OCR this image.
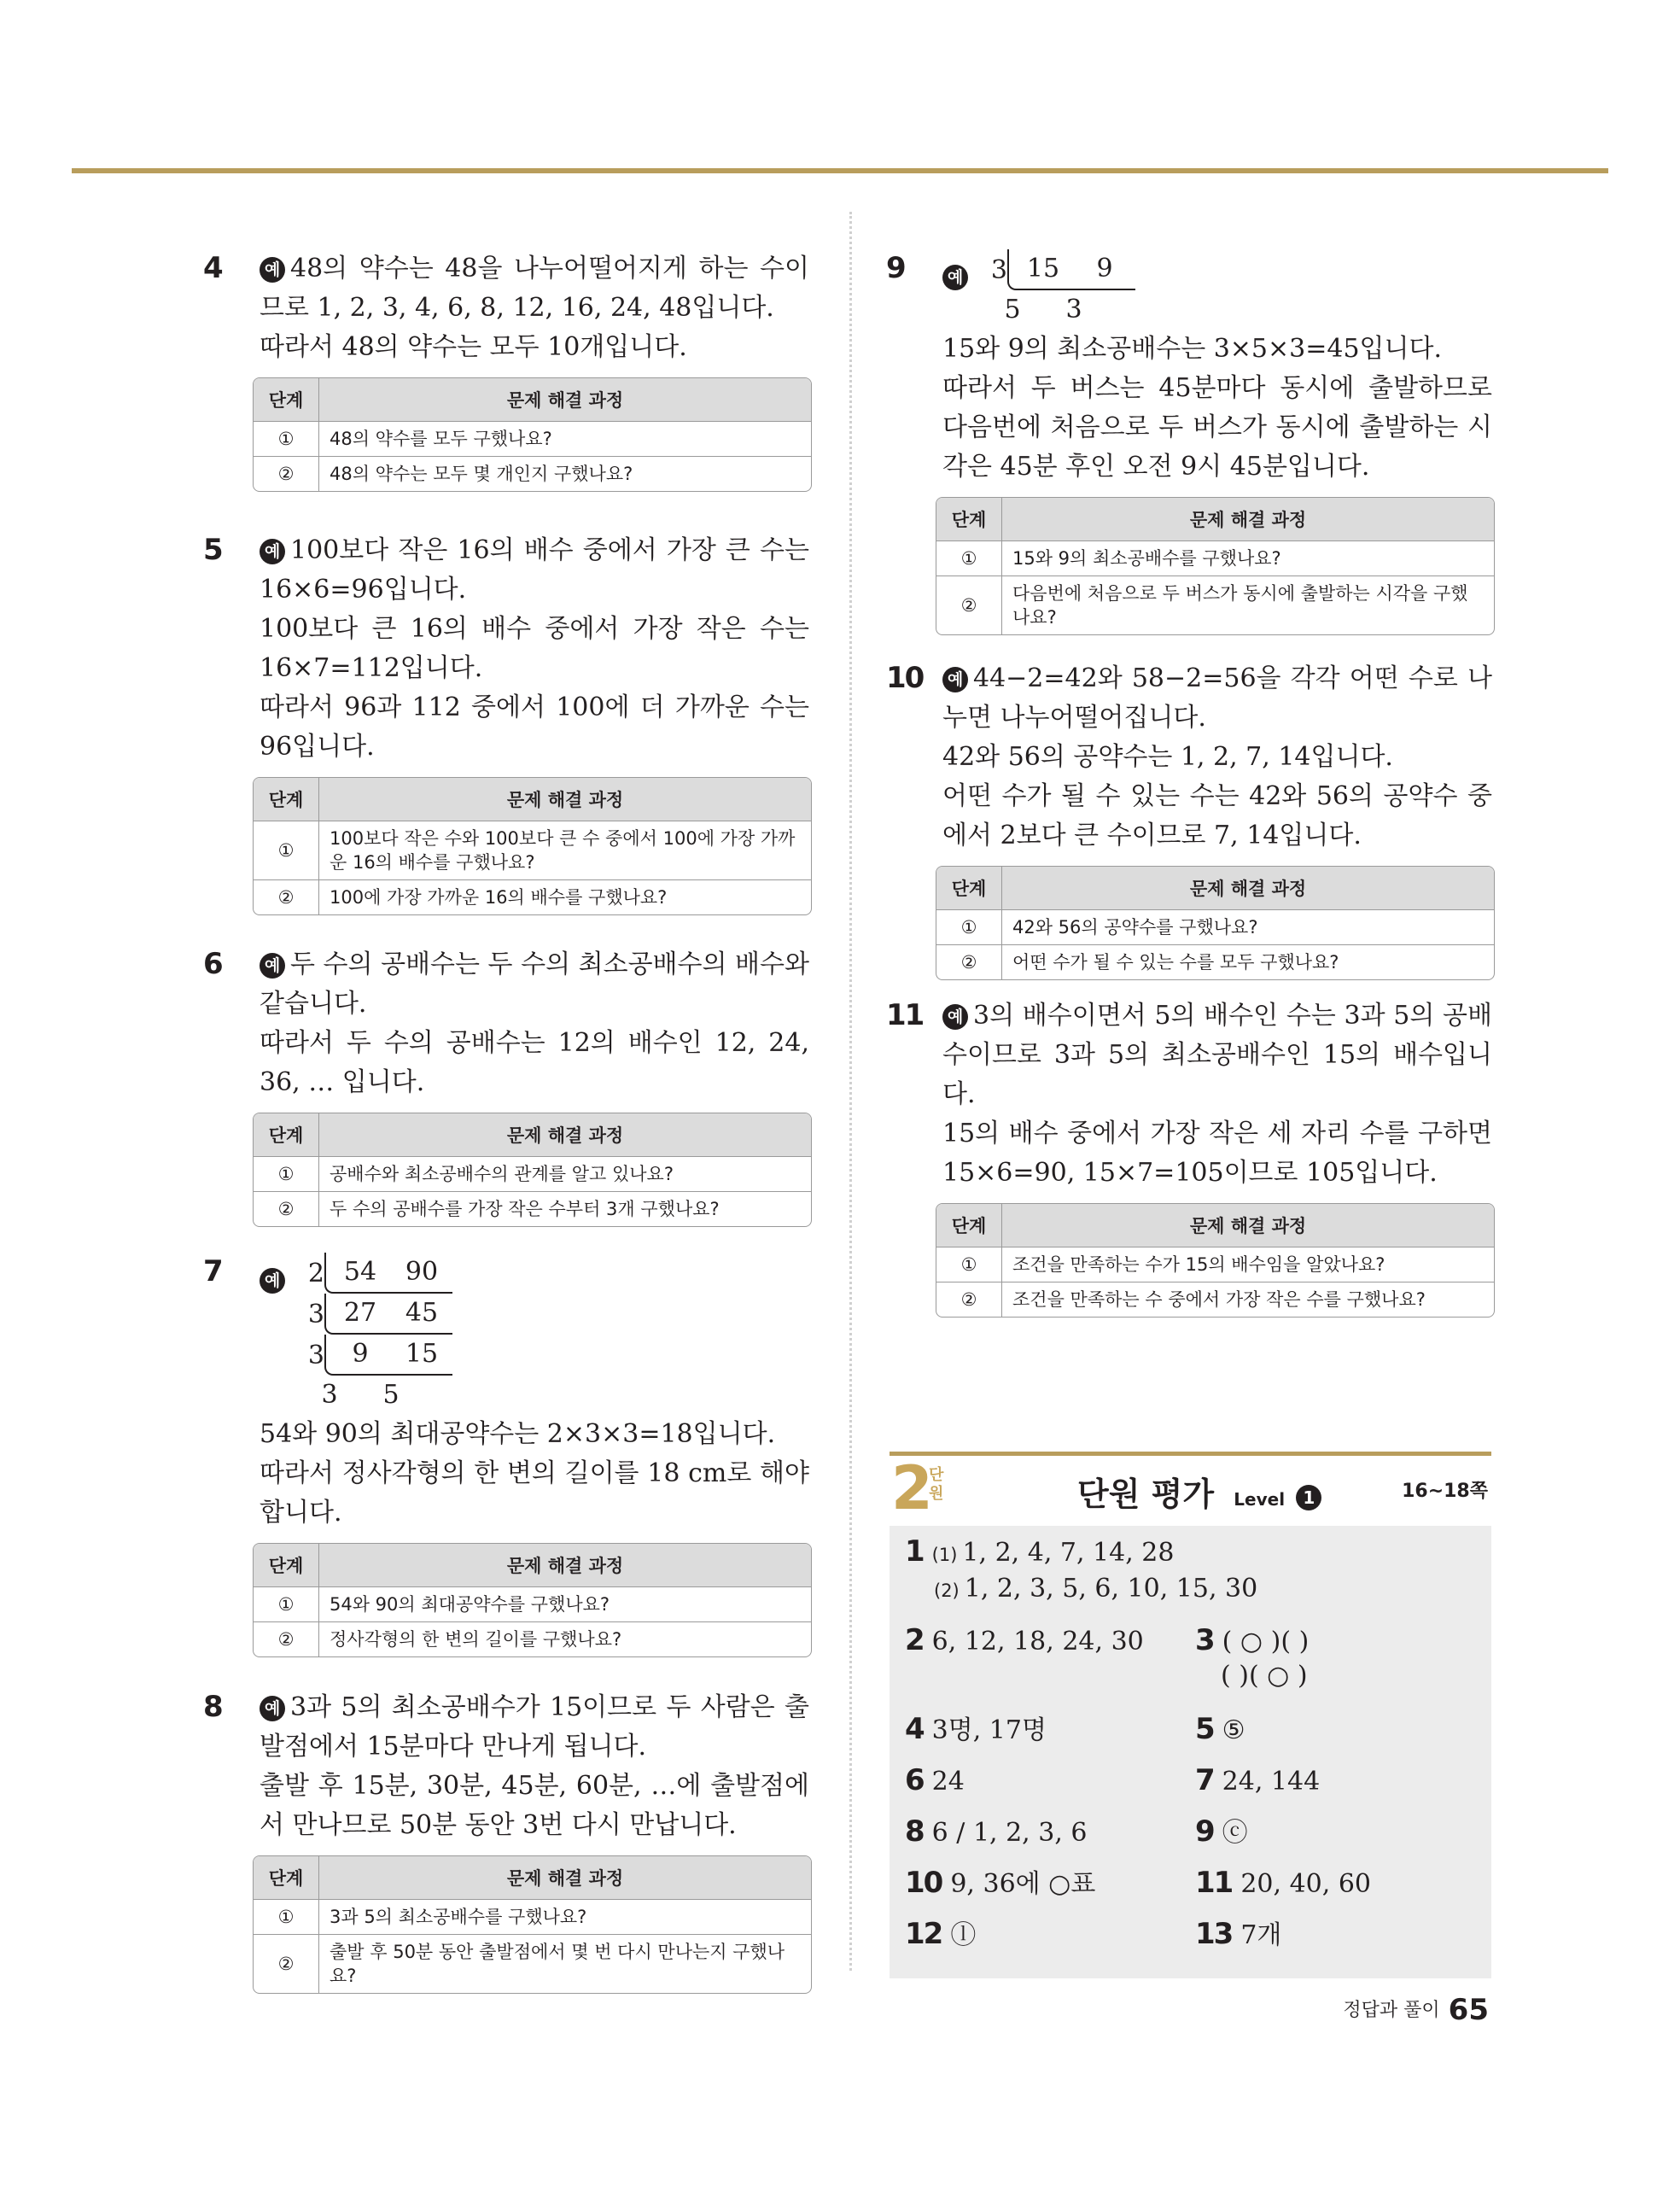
4	예 48의 약수는 48을 나누어떨어지게 하는 수이므로 1, 2, 3, 4, 6, 8, 12, 16, 24, 48입니다.

따라서 48의 약수는 모두 10개입니다.

단계	문제 해결 과정
①	48의 약수를 모두 구했나요?
②	48의 약수는 모두 몇 개인지 구했나요?
5	예 100보다 작은 16의 배수 중에서 가장 큰 수는 16×6=96입니다.

100보다 큰 16의 배수 중에서 가장 작은 수는 16×7=112입니다.

따라서 96과 112 중에서 100에 더 가까운 수는 96입니다.

단계	문제 해결 과정
①	100보다 작은 수와 100보다 큰 수 중에서 100에 가장 가까운 16의 배수를 구했나요?
②	100에 가장 가까운 16의 배수를 구했나요?
6	예 두 수의 공배수는 두 수의 최소공배수의 배수와 같습니다.

따라서 두 수의 공배수는 12의 배수인 12, 24, 36, … 입니다.

단계	문제 해결 과정
①	공배수와 최소공배수의 관계를 알고 있나요?
②	두 수의 공배수를 가장 작은 수부터 3개 구했나요?
7	예	2 54	90
3 27	45
3	9	15
3	5

54와 90의 최대공약수는 2×3×3=18입니다.

따라서 정사각형의 한 변의 길이를 18 cm로 해야 합니다.

단계	문제 해결 과정
①	54와 90의 최대공약수를 구했나요?
②	정사각형의 한 변의 길이를 구했나요?
8	예 3과 5의 최소공배수가 15이므로 두 사람은 출발점에서 15분마다 만나게 됩니다.

출발 후 15분, 30분, 45분, 60분, …에 출발점에서 만나므로 50분 동안 3번 다시 만납니다.

단계	문제 해결 과정
①	3과 5의 최소공배수를 구했나요?
②	출발 후 50분 동안 출발점에서 몇 번 다시 만나는지 구했나요?
9	예	3 15	9
5	3

15와 9의 최소공배수는 3×5×3=45입니다.

따라서 두 버스는 45분마다 동시에 출발하므로 다음번에 처음으로 두 버스가 동시에 출발하는 시각은 45분 후인 오전 9시 45분입니다.

단계	문제 해결 과정
①	15와 9의 최소공배수를 구했나요?
②	다음번에 처음으로 두 버스가 동시에 출발하는 시각을 구했나요?
10	예 44−2=42와 58−2=56을 각각 어떤 수로 나누면 나누어떨어집니다.

42와 56의 공약수는 1, 2, 7, 14입니다.

어떤 수가 될 수 있는 수는 42와 56의 공약수 중에서 2보다 큰 수이므로 7, 14입니다.

단계	문제 해결 과정
①	42와 56의 공약수를 구했나요?
②	어떤 수가 될 수 있는 수를 모두 구했나요?
11	예 3의 배수이면서 5의 배수인 수는 3과 5의 공배수이므로 3과 5의 최소공배수인 15의 배수입니다.

15의 배수 중에서 가장 작은 세 자리 수를 구하면 15×6=90, 15×7=105이므로 105입니다.

단계	문제 해결 과정
①	조건을 만족하는 수가 15의 배수임을 알았나요?
②	조건을 만족하는 수 중에서 가장 작은 수를 구했나요?
2
단원	단원 평가 Level 1	16~18쪽
1 (1) 1, 2, 4, 7, 14, 28
(2) 1, 2, 3, 5, 6, 10, 15, 30
2 6, 12, 18, 24, 30 3 ( ○ )( )
( )( ○ )
4 3명, 17명	5 ⑤
6 24	7 24, 144
8 6 / 1, 2, 3, 6	9 ⓒ
10 9, 36에 ○표	11 20, 40, 60
12 ⓛ	13 7개
정답과 풀이 65
